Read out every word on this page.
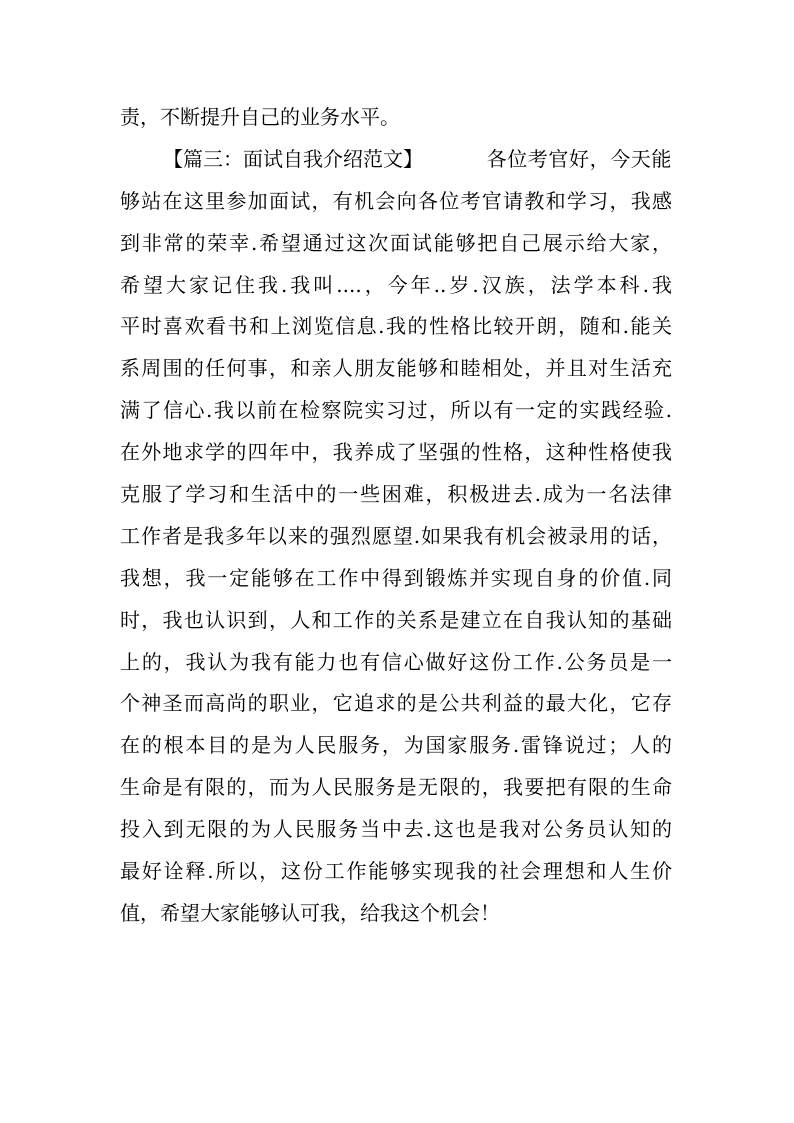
责，不断提升自己的业务水平。
【篇三：面试自我介绍范文】	各位考官好，今天能
够站在这里参加面试，有机会向各位考官请教和学习，我感
到非常的荣幸.希望通过这次面试能够把自己展示给大家，
希望大家记住我.我叫....，今年..岁.汉族，法学本科.我
平时喜欢看书和上浏览信息.我的性格比较开朗，随和.能关
系周围的任何事，和亲人朋友能够和睦相处，并且对生活充
满了信心.我以前在检察院实习过，所以有一定的实践经验.
在外地求学的四年中，我养成了坚强的性格，这种性格使我
克服了学习和生活中的一些困难，积极进去.成为一名法律
工作者是我多年以来的强烈愿望.如果我有机会被录用的话，
我想，我一定能够在工作中得到锻炼并实现自身的价值.同
时，我也认识到，人和工作的关系是建立在自我认知的基础
上的，我认为我有能力也有信心做好这份工作.公务员是一
个神圣而高尚的职业，它追求的是公共利益的最大化，它存
在的根本目的是为人民服务，为国家服务.雷锋说过；人的
生命是有限的，而为人民服务是无限的，我要把有限的生命
投入到无限的为人民服务当中去.这也是我对公务员认知的
最好诠释.所以，这份工作能够实现我的社会理想和人生价
值，希望大家能够认可我，给我这个机会！
